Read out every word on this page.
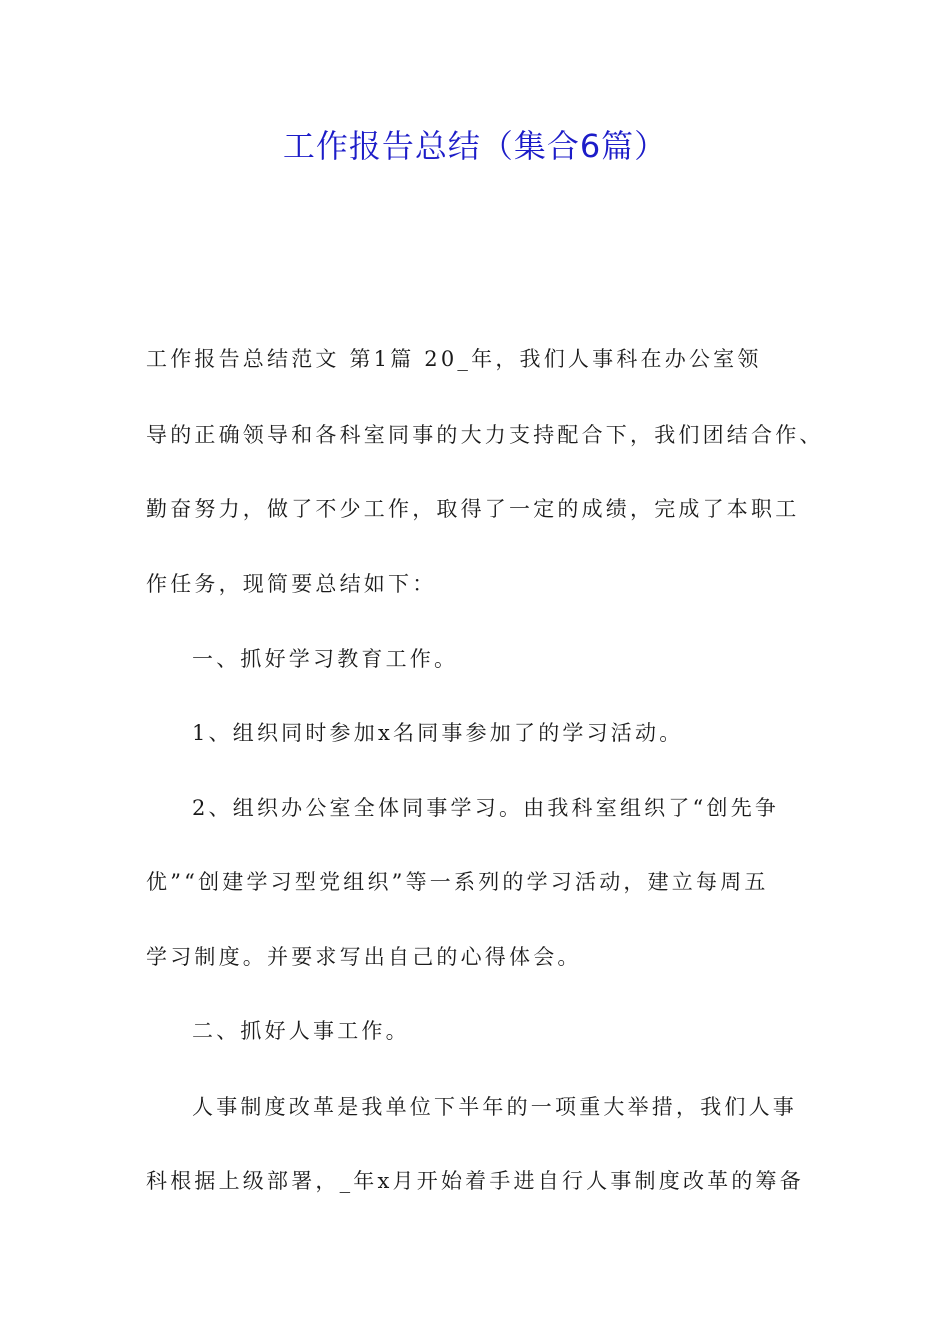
工作报告总结（集合6篇）
工作报告总结范文 第1篇 20_年，我们人事科在办公室领
导的正确领导和各科室同事的大力支持配合下，我们团结合作、
勤奋努力，做了不少工作，取得了一定的成绩，完成了本职工
作任务，现简要总结如下：
一、抓好学习教育工作。
1、组织同时参加x名同事参加了的学习活动。
2、组织办公室全体同事学习。由我科室组织了“创先争
优”“创建学习型党组织”等一系列的学习活动，建立每周五
学习制度。并要求写出自己的心得体会。
二、抓好人事工作。
人事制度改革是我单位下半年的一项重大举措，我们人事
科根据上级部署，_年x月开始着手进自行人事制度改革的筹备
